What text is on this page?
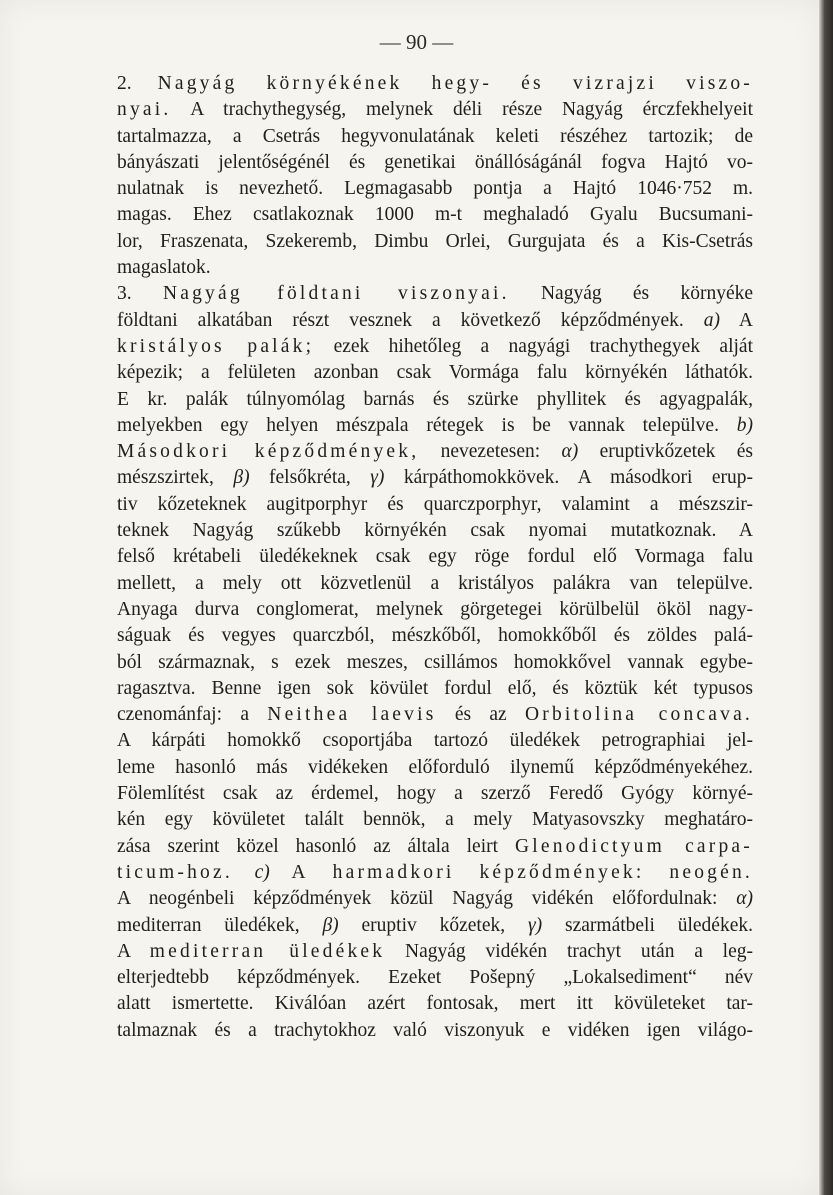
— 90 —
2. Nagyág környékének hegy- és vizrajzi viszo-
nyai. A trachythegység, melynek déli része Nagyág érczfekhelyeit
tartalmazza, a Csetrás hegyvonulatának keleti részéhez tartozik; de
bányászati jelentőségénél és genetikai önállóságánál fogva Hajtó vo-
nulatnak is nevezhető. Legmagasabb pontja a Hajtó 1046·752 m.
magas. Ehez csatlakoznak 1000 m-t meghaladó Gyalu Bucsumani-
lor, Fraszenata, Szekeremb, Dimbu Orlei, Gurgujata és a Kis-Csetrás
magaslatok.
3. Nagyág földtani viszonyai. Nagyág és környéke
földtani alkatában részt vesznek a következő képződmények. a) A
kristályos palák; ezek hihetőleg a nagyági trachythegyek alját
képezik; a felületen azonban csak Vormága falu környékén láthatók.
E kr. palák túlnyomólag barnás és szürke phyllitek és agyagpalák,
melyekben egy helyen mészpala rétegek is be vannak települve. b)
Másodkori képződmények, nevezetesen: α) eruptivkőzetek és
mészszirtek, β) felsőkréta, γ) kárpáthomokkövek. A másodkori erup-
tiv kőzeteknek augitporphyr és quarczporphyr, valamint a mészszir-
teknek Nagyág szűkebb környékén csak nyomai mutatkoznak. A
felső krétabeli üledékeknek csak egy röge fordul elő Vormaga falu
mellett, a mely ott közvetlenül a kristályos palákra van települve.
Anyaga durva conglomerat, melynek görgetegei körülbelül ököl nagy-
ságuak és vegyes quarczból, mészkőből, homokkőből és zöldes palá-
ból származnak, s ezek meszes, csillámos homokkővel vannak egybe-
ragasztva. Benne igen sok kövület fordul elő, és köztük két typusos
czenománfaj: a Neithea laevis és az Orbitolina concava.
A kárpáti homokkő csoportjába tartozó üledékek petrographiai jel-
leme hasonló más vidékeken előforduló ilynemű képződményekéhez.
Fölemlítést csak az érdemel, hogy a szerző Feredő Gyógy környé-
kén egy kövületet talált bennök, a mely Matyasovszky meghatáro-
zása szerint közel hasonló az általa leirt Glenodictyum carpa-
ticum-hoz. c) A harmadkori képződmények: neogén.
A neogénbeli képződmények közül Nagyág vidékén előfordulnak: α)
mediterran üledékek, β) eruptiv kőzetek, γ) szarmátbeli üledékek.
A mediterran üledékek Nagyág vidékén trachyt után a leg-
elterjedtebb képződmények. Ezeket Pošepný „Lokalsediment“ név
alatt ismertette. Kiválóan azért fontosak, mert itt kövületeket tar-
talmaznak és a trachytokhoz való viszonyuk e vidéken igen világo-
